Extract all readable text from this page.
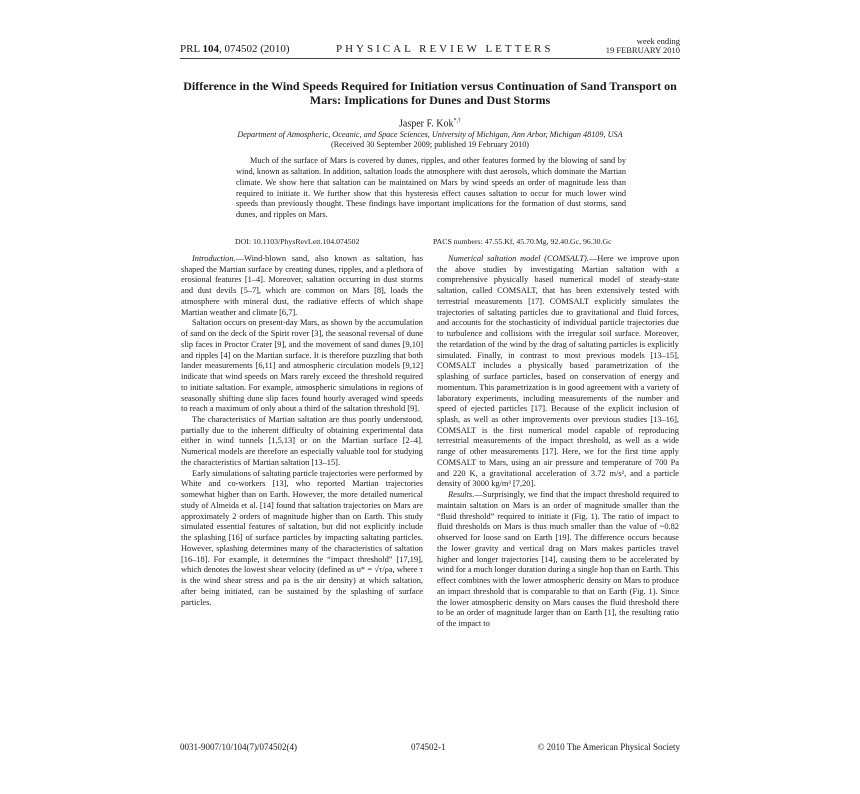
PRL 104, 074502 (2010)	PHYSICAL REVIEW LETTERS
week ending
19 FEBRUARY 2010
Difference in the Wind Speeds Required for Initiation versus Continuation of Sand Transport on Mars: Implications for Dunes and Dust Storms
Jasper F. Kok*,†
Department of Atmospheric, Oceanic, and Space Sciences, University of Michigan, Ann Arbor, Michigan 48109, USA
(Received 30 September 2009; published 19 February 2010)
Much of the surface of Mars is covered by dunes, ripples, and other features formed by the blowing of sand by wind, known as saltation. In addition, saltation loads the atmosphere with dust aerosols, which dominate the Martian climate. We show here that saltation can be maintained on Mars by wind speeds an order of magnitude less than required to initiate it. We further show that this hysteresis effect causes saltation to occur for much lower wind speeds than previously thought. These findings have important implications for the formation of dust storms, sand dunes, and ripples on Mars.
DOI: 10.1103/PhysRevLett.104.074502	PACS numbers: 47.55.Kf, 45.70.Mg, 92.40.Gc, 96.30.Gc

Introduction.—Wind-blown sand, also known as saltation, has shaped the Martian surface by creating dunes, ripples, and a plethora of erosional features [1–4]. Moreover, saltation occurring in dust storms and dust devils [5–7], which are common on Mars [8], loads the atmosphere with mineral dust, the radiative effects of which shape Martian weather and climate [6,7].

Saltation occurs on present-day Mars, as shown by the accumulation of sand on the deck of the Spirit rover [3], the seasonal reversal of dune slip faces in Proctor Crater [9], and the movement of sand dunes [9,10] and ripples [4] on the Martian surface. It is therefore puzzling that both lander measurements [6,11] and atmospheric circulation models [9,12] indicate that wind speeds on Mars rarely exceed the threshold required to initiate saltation. For example, atmospheric simulations in regions of seasonally shifting dune slip faces found hourly averaged wind speeds to reach a maximum of only about a third of the saltation threshold [9].

The characteristics of Martian saltation are thus poorly understood, partially due to the inherent difficulty of obtaining experimental data either in wind tunnels [1,5,13] or on the Martian surface [2–4]. Numerical models are therefore an especially valuable tool for studying the characteristics of Martian saltation [13–15].

Early simulations of saltating particle trajectories were performed by White and co-workers [13], who reported Martian trajectories somewhat higher than on Earth. However, the more detailed numerical study of Almeida et al. [14] found that saltation trajectories on Mars are approximately 2 orders of magnitude higher than on Earth. This study simulated essential features of saltation, but did not explicitly include the splashing [16] of surface particles by impacting saltating particles. However, splashing determines many of the characteristics of saltation [16–18]. For example, it determines the “impact threshold” [17,19], which denotes the lowest shear velocity (defined as u* = √τ/ρa, where τ is the wind shear stress and ρa is the air density) at which saltation, after being initiated, can be sustained by the splashing of surface particles.

Numerical saltation model (COMSALT).—Here we improve upon the above studies by investigating Martian saltation with a comprehensive physically based numerical model of steady-state saltation, called COMSALT, that has been extensively tested with terrestrial measurements [17]. COMSALT explicitly simulates the trajectories of saltating particles due to gravitational and fluid forces, and accounts for the stochasticity of individual particle trajectories due to turbulence and collisions with the irregular soil surface. Moreover, the retardation of the wind by the drag of saltating particles is explicitly simulated. Finally, in contrast to most previous models [13–15], COMSALT includes a physically based parametrization of the splashing of surface particles, based on conservation of energy and momentum. This parametrization is in good agreement with a variety of laboratory experiments, including measurements of the number and speed of ejected particles [17]. Because of the explicit inclusion of splash, as well as other improvements over previous studies [13–16], COMSALT is the first numerical model capable of reproducing terrestrial measurements of the impact threshold, as well as a wide range of other measurements [17]. Here, we for the first time apply COMSALT to Mars, using an air pressure and temperature of 700 Pa and 220 K, a gravitational acceleration of 3.72 m/s², and a particle density of 3000 kg/m³ [7,20].

Results.—Surprisingly, we find that the impact threshold required to maintain saltation on Mars is an order of magnitude smaller than the “fluid threshold” required to initiate it (Fig. 1). The ratio of impact to fluid thresholds on Mars is thus much smaller than the value of ~0.82 observed for loose sand on Earth [19]. The difference occurs because the lower gravity and vertical drag on Mars makes particles travel higher and longer trajectories [14], causing them to be accelerated by wind for a much longer duration during a single hop than on Earth. This effect combines with the lower atmospheric density on Mars to produce an impact threshold that is comparable to that on Earth (Fig. 1). Since the lower atmospheric density on Mars causes the fluid threshold there to be an order of magnitude larger than on Earth [1], the resulting ratio of the impact to

0031-9007/10/104(7)/074502(4)	074502-1	© 2010 The American Physical Society
